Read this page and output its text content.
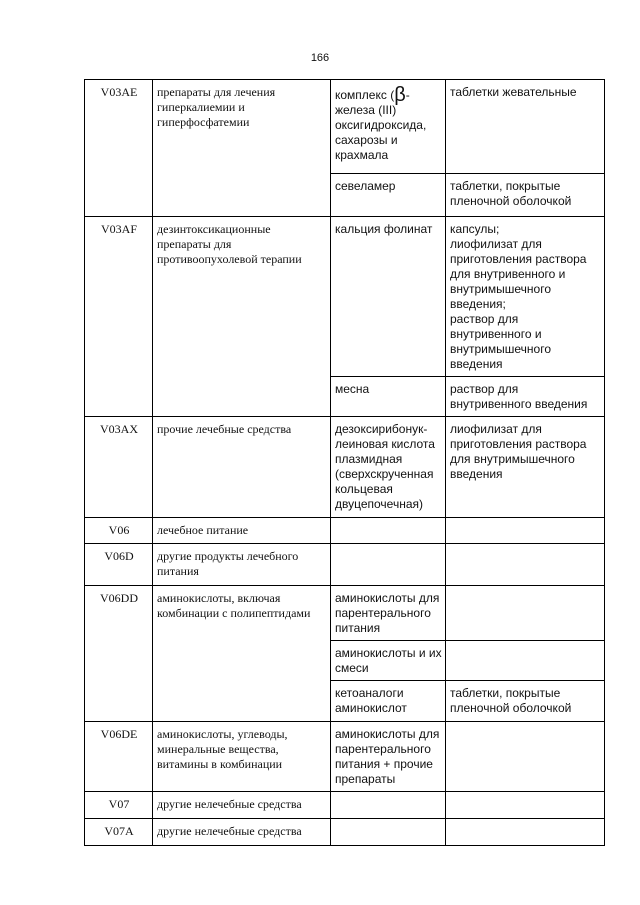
166
V03AE	препараты для лечения гиперкалиемии и гиперфосфатемии	комплекс (β- железа (III) оксигидроксида, сахарозы и крахмала	таблетки жевательные
		севеламер	таблетки, покрытые пленочной оболочкой
V03AF	дезинтоксикационные препараты для противоопухолевой терапии	кальция фолинат	капсулы;
лиофилизат для приготовления раствора для внутривенного и внутримышечного введения;
раствор для внутривенного и внутримышечного введения

		месна	раствор для внутривенного введения
V03AX	прочие лечебные средства	дезоксирибонук-леиновая кислота плазмидная (сверхскрученная кольцевая двуцепочечная)	лиофилизат для приготовления раствора для внутримышечного введения
V06	лечебное питание		
V06D	другие продукты лечебного питания		
V06DD	аминокислоты, включая комбинации с полипептидами	аминокислоты для парентерального питания	
		аминокислоты и их смеси	
		кетоаналоги аминокислот	таблетки, покрытые пленочной оболочкой
V06DE	аминокислоты, углеводы, минеральные вещества, витамины в комбинации	аминокислоты для парентерального питания + прочие препараты	
V07	другие нелечебные средства		
V07A	другие нелечебные средства		
